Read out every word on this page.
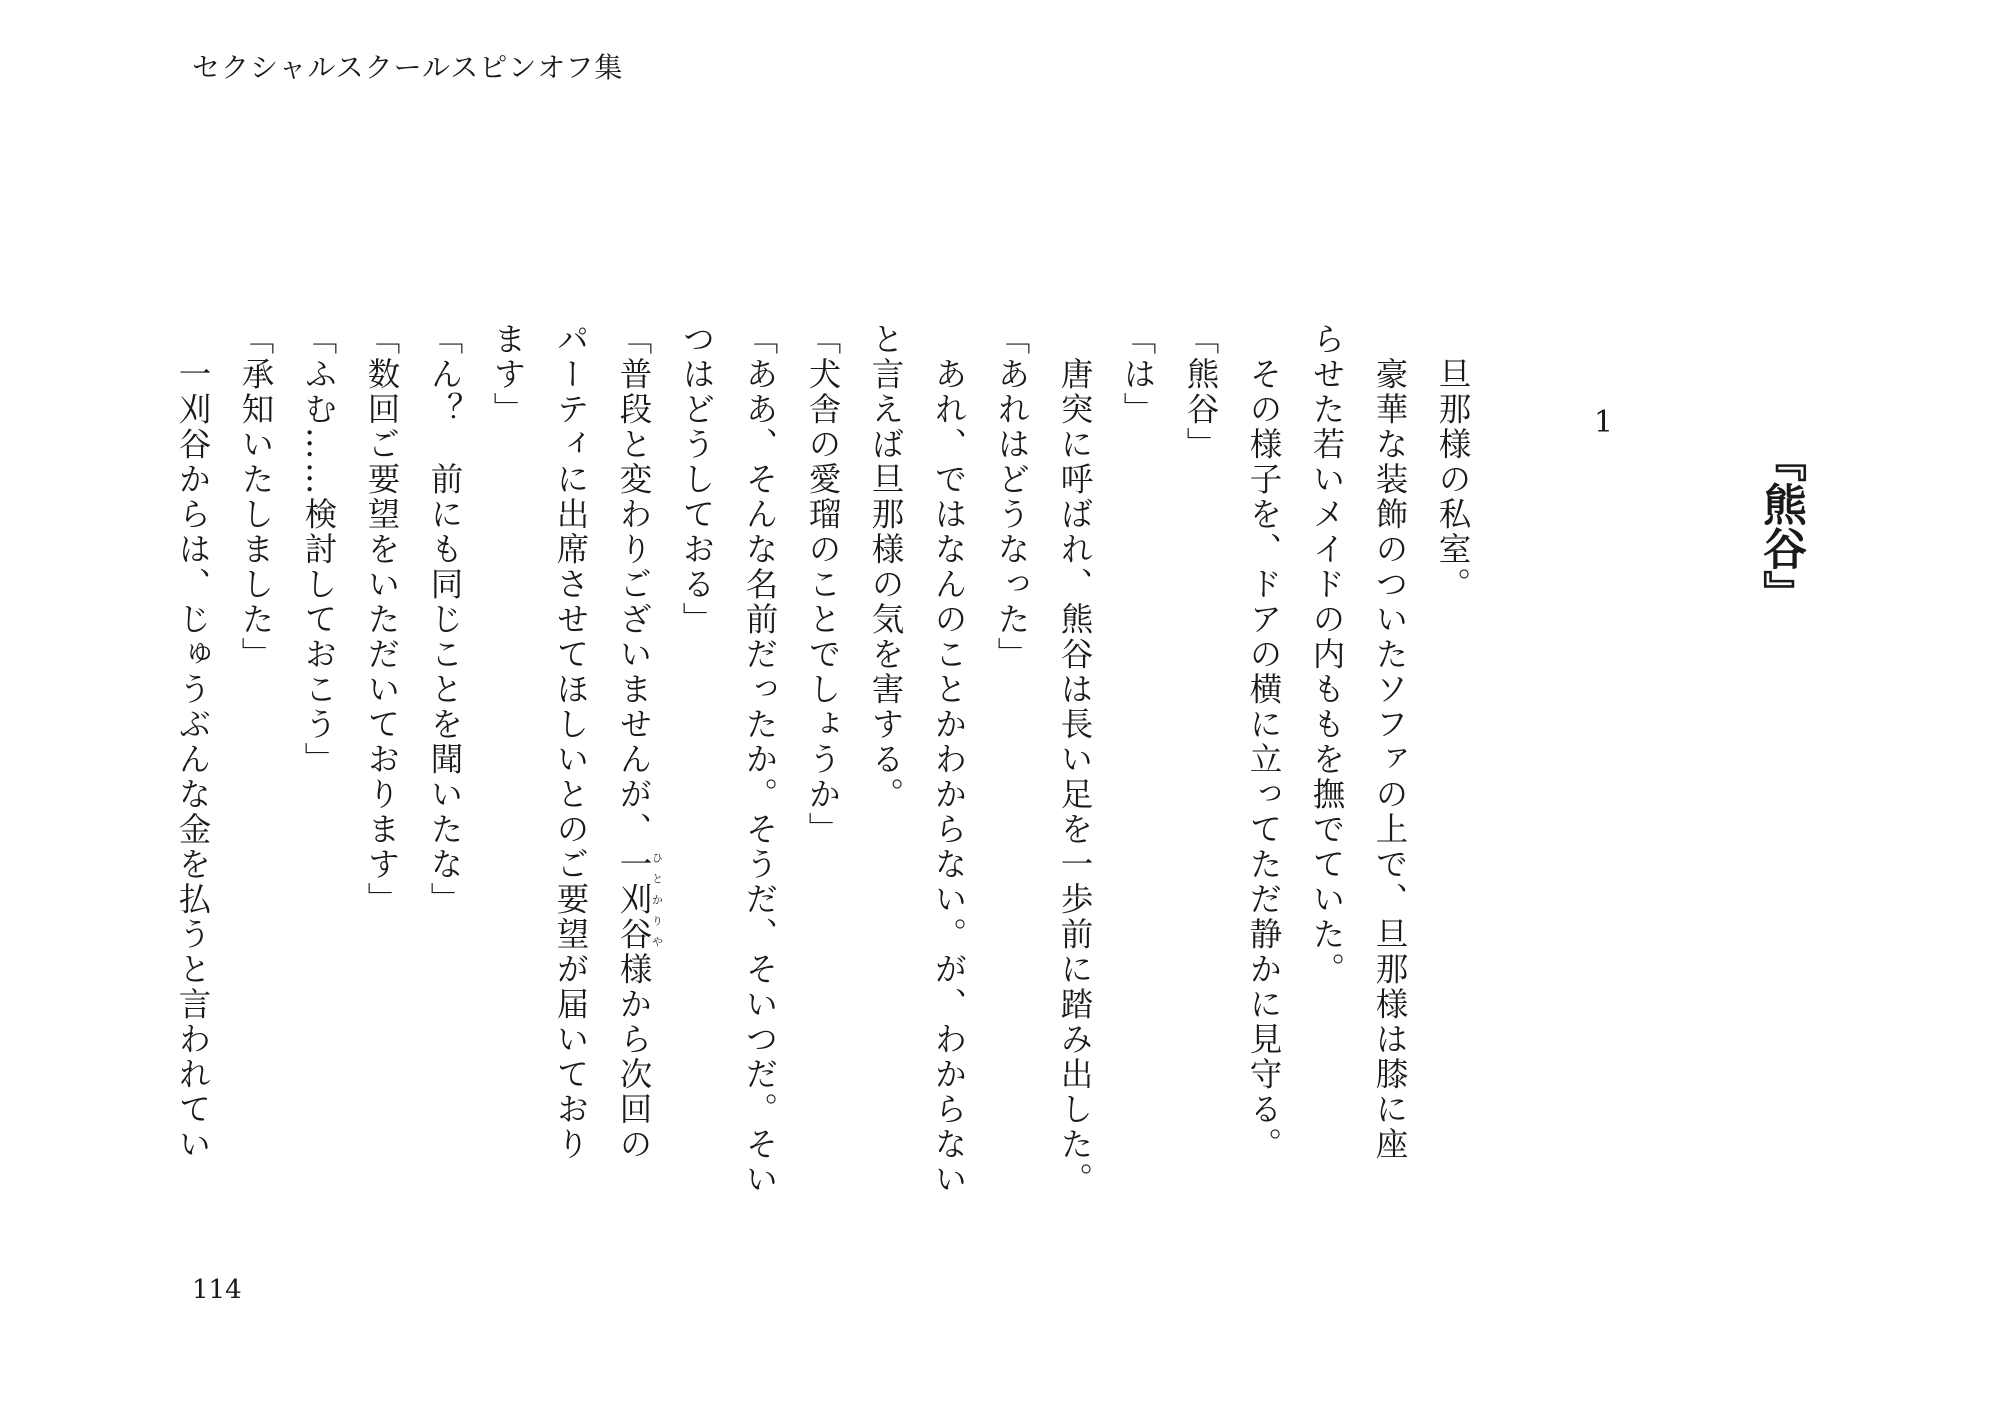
セクシャルスクールスピンオフ集
『熊谷』
1
　旦那様の私室。
　豪華な装飾のついたソファの上で、旦那様は膝に座
らせた若いメイドの内ももを撫でていた。
　その様子を、ドアの横に立ってただ静かに見守る。
「熊谷」
「は」
　唐突に呼ばれ、熊谷は長い足を一歩前に踏み出した。
「あれはどうなった」
　あれ、ではなんのことかわからない。が、わからない
と言えば旦那様の気を害する。
「犬舎の愛瑠のことでしょうか」
「ああ、そんな名前だったか。そうだ、そいつだ。そい
つはどうしておる」
「普段と変わりございませんが、一刈谷ひとかりや様から次回の
パーティに出席させてほしいとのご要望が届いており
ます」
「ん？　前にも同じことを聞いたな」
「数回ご要望をいただいております」
「ふむ……検討しておこう」
「承知いたしました」
　一刈谷からは、じゅうぶんな金を払うと言われてい
114
